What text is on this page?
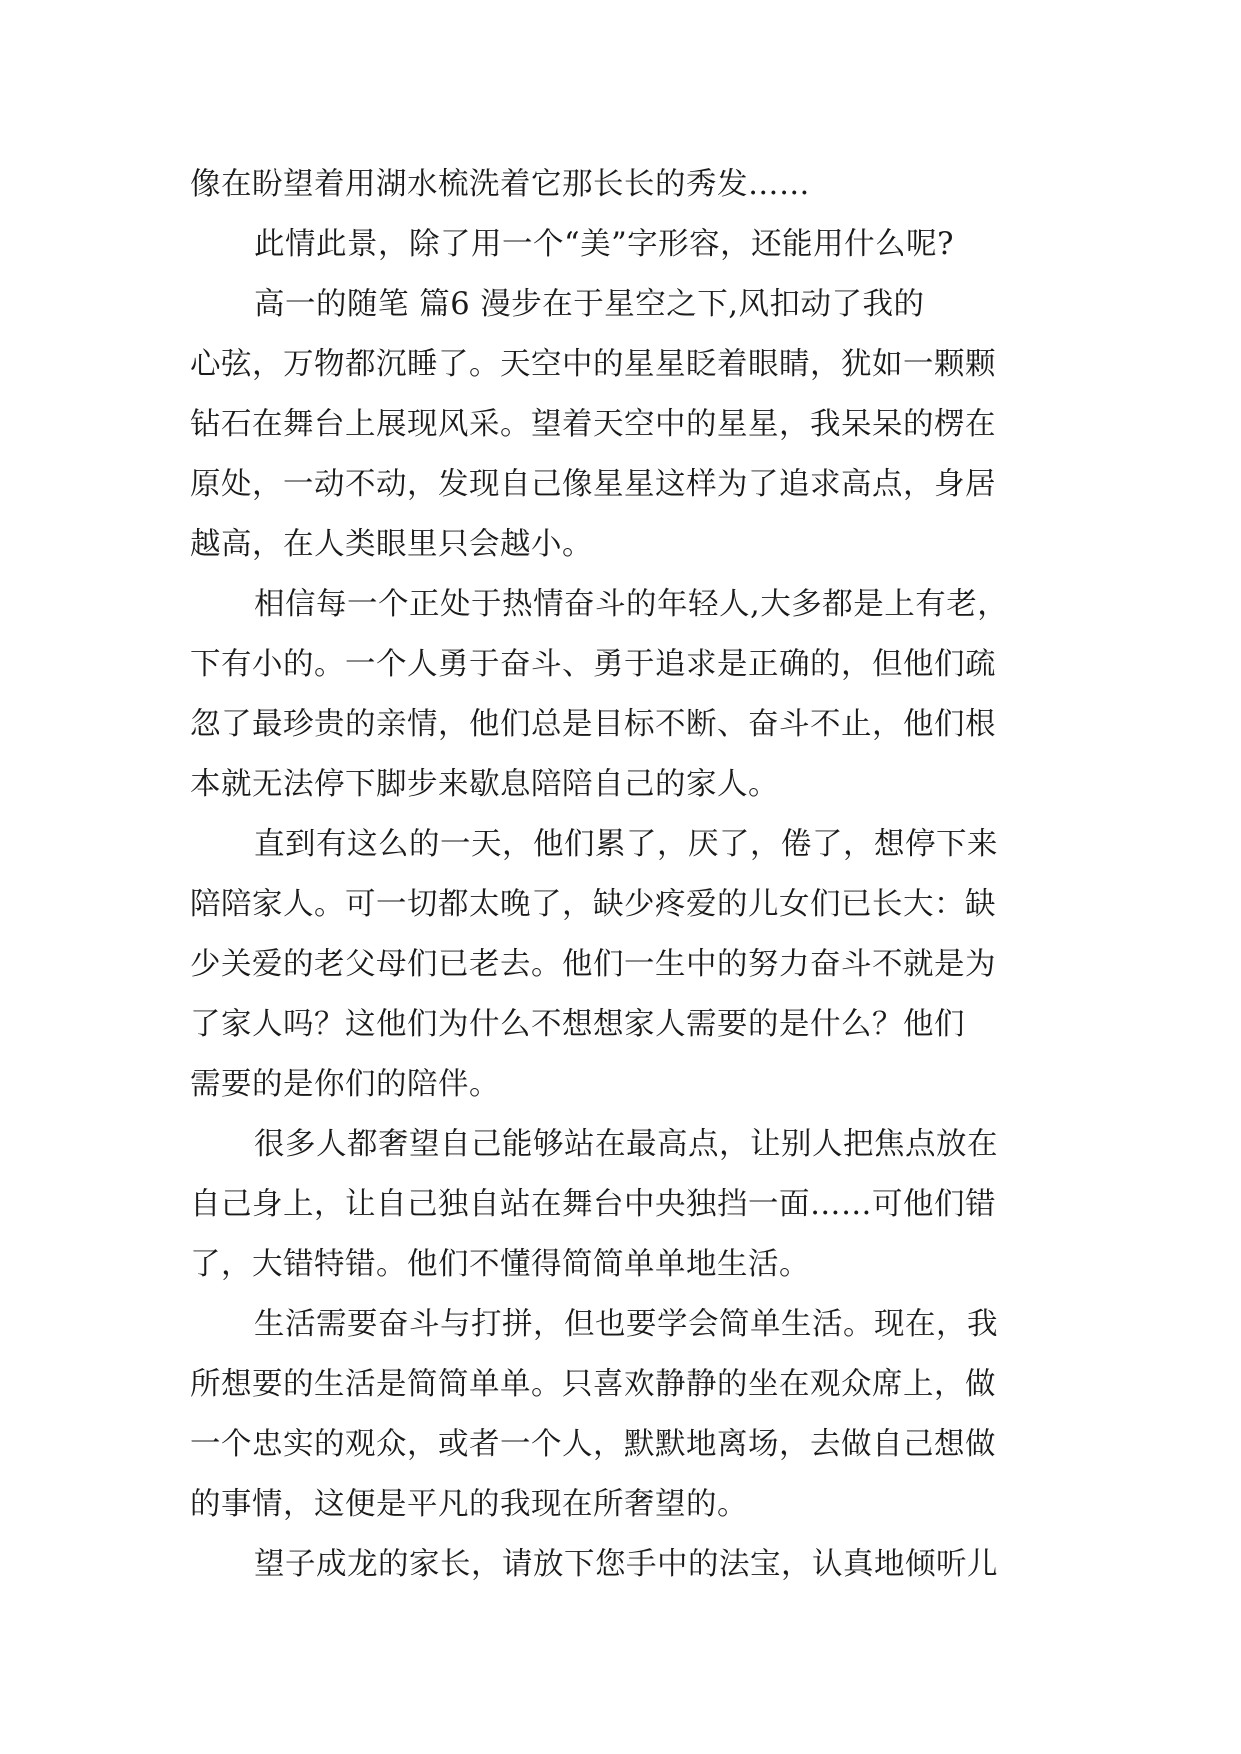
像在盼望着用湖水梳洗着它那长长的秀发……
此情此景，除了用一个“美”字形容，还能用什么呢?
高一的随笔 篇6 漫步在于星空之下,风扣动了我的
心弦，万物都沉睡了。天空中的星星眨着眼睛，犹如一颗颗
钻石在舞台上展现风采。望着天空中的星星，我呆呆的楞在
原处，一动不动，发现自己像星星这样为了追求高点，身居
越高，在人类眼里只会越小。
相信每一个正处于热情奋斗的年轻人,大多都是上有老，
下有小的。一个人勇于奋斗、勇于追求是正确的，但他们疏
忽了最珍贵的亲情，他们总是目标不断、奋斗不止，他们根
本就无法停下脚步来歇息陪陪自己的家人。
直到有这么的一天，他们累了，厌了，倦了，想停下来
陪陪家人。可一切都太晚了，缺少疼爱的儿女们已长大：缺
少关爱的老父母们已老去。他们一生中的努力奋斗不就是为
了家人吗？这他们为什么不想想家人需要的是什么？他们
需要的是你们的陪伴。
很多人都奢望自己能够站在最高点，让别人把焦点放在
自己身上，让自己独自站在舞台中央独挡一面……可他们错
了，大错特错。他们不懂得简简单单地生活。
生活需要奋斗与打拼，但也要学会简单生活。现在，我
所想要的生活是简简单单。只喜欢静静的坐在观众席上，做
一个忠实的观众，或者一个人，默默地离场，去做自己想做
的事情，这便是平凡的我现在所奢望的。
望子成龙的家长，请放下您手中的法宝，认真地倾听儿
